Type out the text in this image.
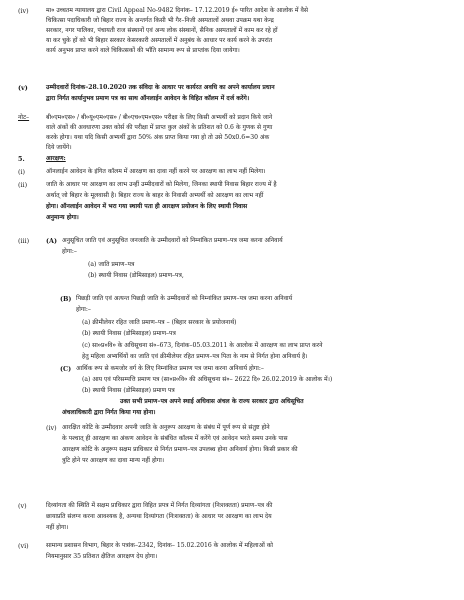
(iv)	मा० उच्चतम न्यायालय द्वारा Civil Appeal No-9482 दिनांक– 17.12.2019 ई० पारित आदेश के आलोक में वैसे
चिकित्सा पदाधिकारी जो बिहार राज्य के अन्तर्गत किसी भी गैर–निजी अस्पतालों अथवा उपक्रम यथा केन्द्र
सरकार, नगर पालिका, पंचायती राज संस्थानों एवं अन्य लोक संस्थानों, सैनिक अस्पतालों में काम कर रहे हों
या कर चुके हों को भी बिहार सरकार केसरकारी अस्पतालों में अनुबंध के आधार पर कार्य करने के उपरांत
कार्य अनुभव प्राप्त करने वाले चिकित्सकों की भाँति सामान्य रूप से प्राप्तांक दिया जायेगा।
(v)	उम्मीदवारों दिनांक–28.10.2020 तक संविदा के आधार पर कार्यरत अवधि का अपने कार्यालय प्रधान
द्वारा निर्गत कार्यानुभव प्रमाण पत्र का साथ ऑनलाईन आवेदन के विहित कॉलम में दर्ज करेंगे।
नोट–	बी०एम०एस० / बी०यू०एम०एस० / बी०एच०एम०एस० परीक्षा के लिए किसी अभ्यर्थी को प्रदान किये जाने
वाले अंकों की अवधारणा उक्त कोर्स की परीक्षा में प्राप्त कुल अंकों के प्रतिशत को 0.6 के गुणक से गुणा
करके होगा। यथा यदि किसी अभ्यर्थी द्वारा 50% अंक प्राप्त किया गया हो तो उसे 50x0.6=30 अंक
दिये जायेंगे।
5.	आरक्षण:
(i)	ऑनलाईन आवेदन के इंगित कॉलम में आरक्षण का दावा नहीं करने पर आरक्षण का लाभ नहीं मिलेगा।
(ii)	जाति के आधार पर आरक्षण का लाभ उन्हीं उम्मीदवारों को मिलेगा, जिनका स्थायी निवास बिहार राज्य में है
अर्थात् जो बिहार के मूलवासी है। बिहार राज्य के बाहर के निवासी अभ्यर्थी को आरक्षण का लाभ नहीं
होगा। ऑनलाईन आवेदन में भरा गया स्थायी पता ही आरक्षण प्रयोजन के लिए स्थायी निवास
अनुमान्य होगा।
(iii)	(A) अनुसूचित जाति एवं अनुसूचित जनजाति के उम्मीदवारों को निम्नांकित प्रमाण–पत्र जमा करना अनिवार्य
होगा:–
(a) जाति प्रमाण–पत्र
(b) स्थायी निवास (डोमिसाइल) प्रमाण–पत्र,
(B) पिछड़ी जाति एवं अत्यन्त पिछड़ी जाति के उम्मीदवारों को निम्नांकित प्रमाण–पत्र जमा करना अनिवार्य
होगा:–
(a) क्रीमीलेयर रहित जाति प्रमाण–पत्र – (बिहार सरकार के प्रयोजनार्थ)
(b) स्थायी निवास (डोमिसाइल) प्रमाण–पत्र
(c) सा०प्र०वि० के अधिसूचना सं०–673, दिनांक–05.03.2011 के आलोक में आरक्षण का लाभ प्राप्त करने
हेतु महिला अभ्यर्थियों का जाति एवं क्रीमीलेयर रहित प्रमाण–पत्र पिता के नाम से निर्गत होना अनिवार्य है।
(C) आर्थिक रूप से कमजोर वर्ग के लिए निम्नांकित प्रमाण पत्र जमा करना अनिवार्य होगा:–
(a) आय एवं परिसम्पत्ति प्रमाण पत्र (सा०प्र०वि० की अधिसूचना सं०– 2622 दि० 26.02.2019 के आलोक में।)
(b) स्थायी निवास (डोमिसाइल) प्रमाण पत्र
उक्त सभी प्रमाण–पत्र अपने स्थाई अधिवास अंचल के राज्य सरकार द्वारा अधिसूचित
अंचलाधिकारी द्वारा निर्गत किया गया होना।
(iv) आरक्षित कोटि के उम्मीदवार अपनी जाति के अनुरूप आरक्षण के संबंध में पूर्ण रूप से संतुष्ट होने
के पश्चात् ही आरक्षण का अंकण आवेदन के संबंधित कॉलम में करेंगे एवं आवेदन भरते समय उनके पास
आरक्षण कोटि के अनुरूप सक्षम प्राधिकार से निर्गत प्रमाण–पत्र उपलब्ध होना अनिवार्य होगा। किसी प्रकार की
त्रुटि होने पर आरक्षण का दावा मान्य नहीं होगा।
(v)	दिव्यांगता की स्थिति में सक्षम प्राधिकार द्वारा विहित प्रपत्र में निर्गत दिव्यांगता (निःशक्तता) प्रमाण–पत्र की
छायाप्रति संलग्न करना आवश्यक है, अन्यथा दिव्यांगता (निःशक्तता) के आधार पर आरक्षण का लाभ देय
नहीं होगा।
(vi)	सामान्य प्रशासन विभाग, बिहार के पत्रांक–2342, दिनांक– 15.02.2016 के आलोक में महिलाओं को
नियमानुसार 35 प्रतिशत क्षैतिज आरक्षण देय होगा।
